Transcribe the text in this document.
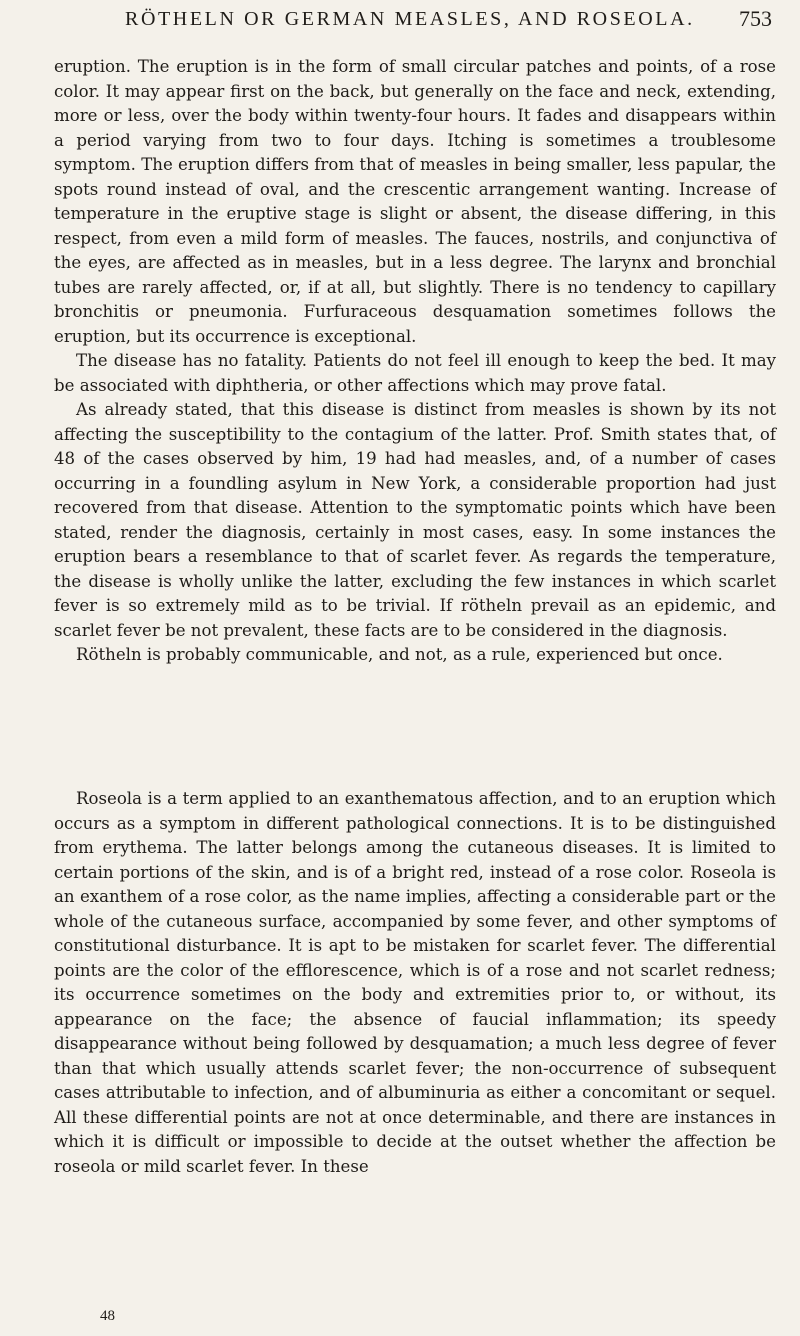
RÖTHELN OR GERMAN MEASLES, AND ROSEOLA. 753

eruption. The eruption is in the form of small circular patches and points, of a rose color. It may appear first on the back, but generally on the face and neck, extending, more or less, over the body within twenty-four hours. It fades and disappears within a period varying from two to four days. Itching is sometimes a troublesome symptom. The eruption differs from that of measles in being smaller, less papular, the spots round instead of oval, and the crescentic arrangement wanting. Increase of temperature in the eruptive stage is slight or absent, the disease differing, in this respect, from even a mild form of measles. The fauces, nostrils, and conjunctiva of the eyes, are affected as in measles, but in a less degree. The larynx and bronchial tubes are rarely affected, or, if at all, but slightly. There is no tendency to capillary bronchitis or pneumonia. Furfuraceous desquamation sometimes follows the eruption, but its occurrence is exceptional.

The disease has no fatality. Patients do not feel ill enough to keep the bed. It may be associated with diphtheria, or other affections which may prove fatal.

As already stated, that this disease is distinct from measles is shown by its not affecting the susceptibility to the contagium of the latter. Prof. Smith states that, of 48 of the cases observed by him, 19 had had measles, and, of a number of cases occurring in a foundling asylum in New York, a considerable proportion had just recovered from that disease. Attention to the symptomatic points which have been stated, render the diagnosis, certainly in most cases, easy. In some instances the eruption bears a resemblance to that of scarlet fever. As regards the temperature, the disease is wholly unlike the latter, excluding the few instances in which scarlet fever is so extremely mild as to be trivial. If rötheln prevail as an epidemic, and scarlet fever be not prevalent, these facts are to be considered in the diagnosis.

Rötheln is probably communicable, and not, as a rule, experienced but once.

Roseola is a term applied to an exanthematous affection, and to an eruption which occurs as a symptom in different pathological connections. It is to be distinguished from erythema. The latter belongs among the cutaneous diseases. It is limited to certain portions of the skin, and is of a bright red, instead of a rose color. Roseola is an exanthem of a rose color, as the name implies, affecting a considerable part or the whole of the cutaneous surface, accompanied by some fever, and other symptoms of constitutional disturbance. It is apt to be mistaken for scarlet fever. The differential points are the color of the efflorescence, which is of a rose and not scarlet redness; its occurrence sometimes on the body and extremities prior to, or without, its appearance on the face; the absence of faucial inflammation; its speedy disappearance without being followed by desquamation; a much less degree of fever than that which usually attends scarlet fever; the non-occurrence of subsequent cases attributable to infection, and of albuminuria as either a concomitant or sequel. All these differential points are not at once determinable, and there are instances in which it is difficult or impossible to decide at the outset whether the affection be roseola or mild scarlet fever. In these

48
